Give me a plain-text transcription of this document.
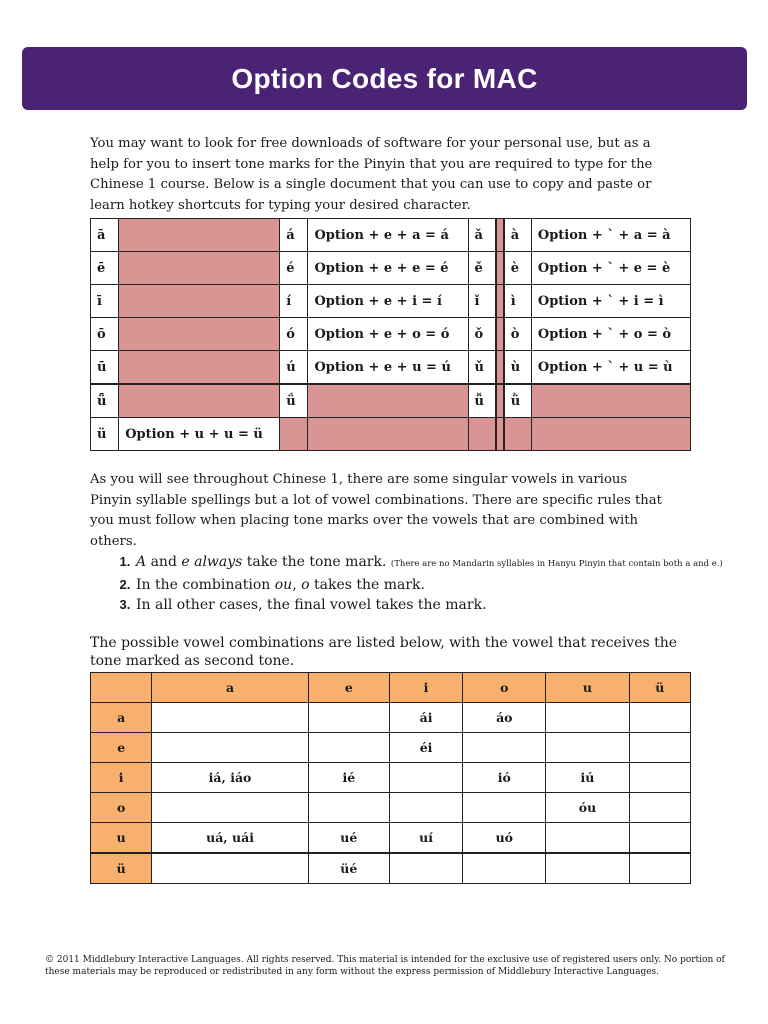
Option Codes for MAC

You may want to look for free downloads of software for your personal use, but as a help for you to insert tone marks for the Pinyin that you are required to type for the Chinese 1 course. Below is a single document that you can use to copy and paste or learn hotkey shortcuts for typing your desired character.

ā		á	Option + e + a = á	ǎ		à	Option + ` + a = à
ē		é	Option + e + e = é	ě		è	Option + ` + e = è
ī		í	Option + e + i = í	ǐ		ì	Option + ` + i = ì
ō		ó	Option + e + o = ó	ǒ		ò	Option + ` + o = ò
ū		ú	Option + e + u = ú	ǔ		ù	Option + ` + u = ù
ǖ		ǘ		ǚ		ǜ	
ü	Option + u + u = ü						

As you will see throughout Chinese 1, there are some singular vowels in various Pinyin syllable spellings but a lot of vowel combinations. There are specific rules that you must follow when placing tone marks over the vowels that are combined with others.

1. A and e always take the tone mark. (There are no Mandarin syllables in Hanyu Pinyin that contain both a and e.)
2. In the combination ou, o takes the mark.
3. In all other cases, the final vowel takes the mark.

The possible vowel combinations are listed below, with the vowel that receives the tone marked as second tone.

	a	e	i	o	u	ü
a			ái	áo		
e			éi			
i	iá, iáo	ié		ió	iú	
o					óu	
u	uá, uái	ué	uí	uó		
ü		üé				

© 2011 Middlebury Interactive Languages. All rights reserved. This material is intended for the exclusive use of registered users only. No portion of these materials may be reproduced or redistributed in any form without the express permission of Middlebury Interactive Languages.
